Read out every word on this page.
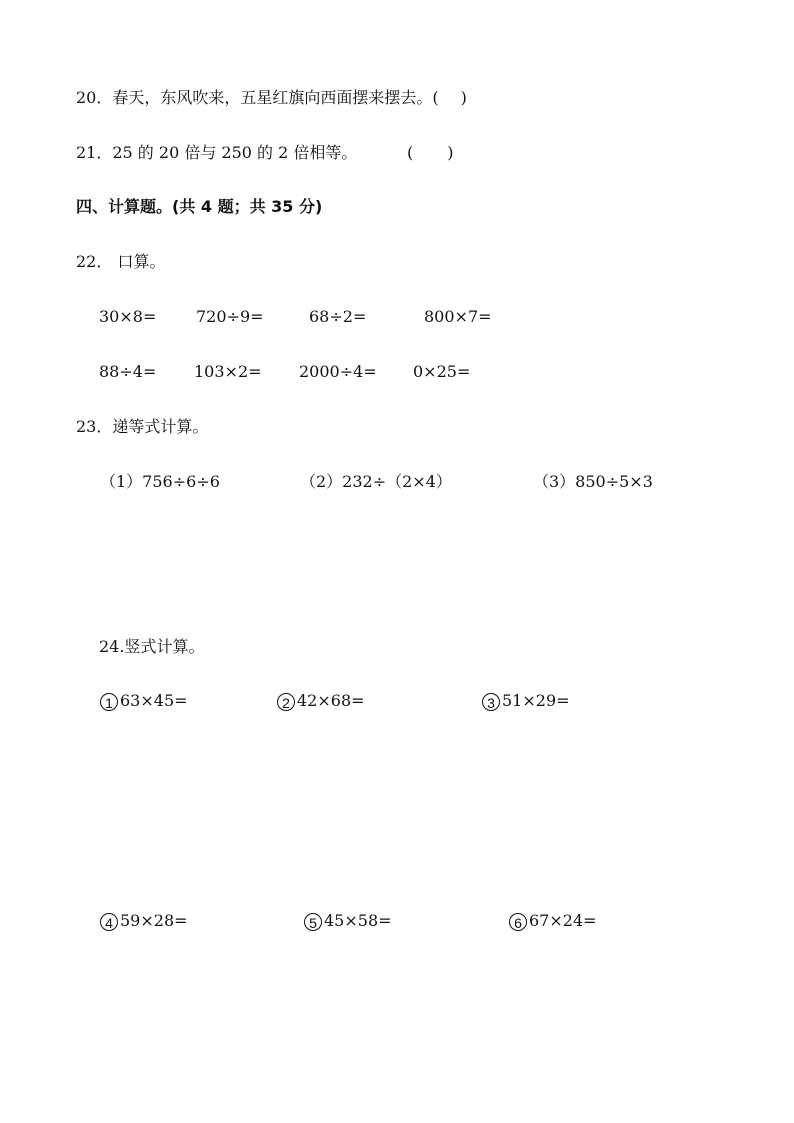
20．春天，东风吹来，五星红旗向西面摆来摆去。( )
21．25 的 20 倍与 250 的 2 倍相等。	( )
四、计算题。(共 4 题；共 35 分)
22． 口算。
30×8= 720÷9=	68÷2=	800×7=
88÷4= 103×2= 2000÷4= 0×25=
23．递等式计算。
（1）756÷6÷6	（2）232÷（2×4）	（3）850÷5×3
24.竖式计算。
1 63×45=	2 42×68=	3 51×29=
4 59×28=	5 45×58=	6 67×24=
